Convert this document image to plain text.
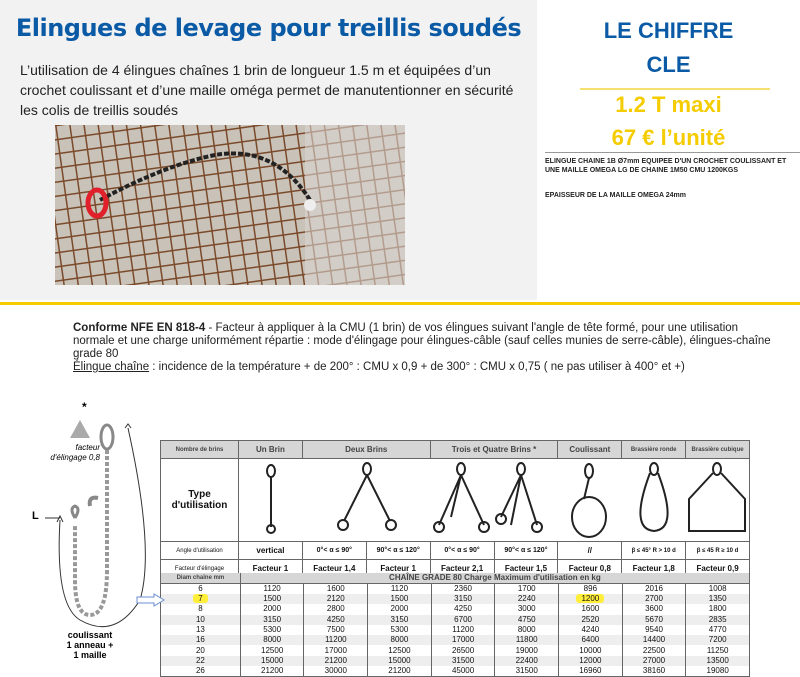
Elingues de levage pour treillis soudés
L’utilisation de 4 élingues chaînes 1 brin de longueur 1.5 m et équipées d’un crochet coulissant et d’une maille oméga permet de manutentionner en sécurité les colis de treillis soudés
LE CHIFFRE
CLE
1.2 T maxi
67 € l’unité
ELINGUE CHAINE 1B Ø7mm EQUIPEE D'UN CROCHET COULISSANT ET UNE MAILLE OMEGA LG DE CHAINE 1M50 CMU 1200KGS
EPAISSEUR DE LA MAILLE OMEGA 24mm
Conforme NFE EN 818-4 - Facteur à appliquer à la CMU (1 brin) de vos élingues suivant l'angle de tête formé, pour une utilisation normale et une charge uniformément répartie : mode d'élingage pour élingues-câble (sauf celles munies de serre-câble), élingues-chaîne grade 80
Élingue chaîne : incidence de la température + de 200° : CMU x 0,9 + de 300° : CMU x 0,75 ( ne pas utiliser à 400° et +)
*
facteur d'élingage 0,8
L
coulissant
1 anneau +
1 maille
Nombre de brins	Un Brin	Deux Brins		Trois et Quatre Brins *		Coulissant	Brassière ronde	Brassière cubique
Type d'utilisation	
Angle d'utilisation	vertical	0°< α ≤ 90°	90°< α ≤ 120°	0°< α ≤ 90°	90°< α ≤ 120°	//	β ≤ 45° R > 10 d	β ≤ 45 R ≥ 10 d
Facteur d'élingage	Facteur 1	Facteur 1,4	Facteur 1	Facteur 2,1	Facteur 1,5	Facteur 0,8	Facteur 1,8	Facteur 0,9
Diam chaîne mm	CHAÎNE GRADE 80 Charge Maximum d'utilisation en kg							
6	1120	1600	1120	2360	1700	896	2016	1008
7	1500	2120	1500	3150	2240	1200	2700	1350
8	2000	2800	2000	4250	3000	1600	3600	1800
10	3150	4250	3150	6700	4750	2520	5670	2835
13	5300	7500	5300	11200	8000	4240	9540	4770
16	8000	11200	8000	17000	11800	6400	14400	7200
20	12500	17000	12500	26500	19000	10000	22500	11250
22	15000	21200	15000	31500	22400	12000	27000	13500
26	21200	30000	21200	45000	31500	16960	38160	19080
